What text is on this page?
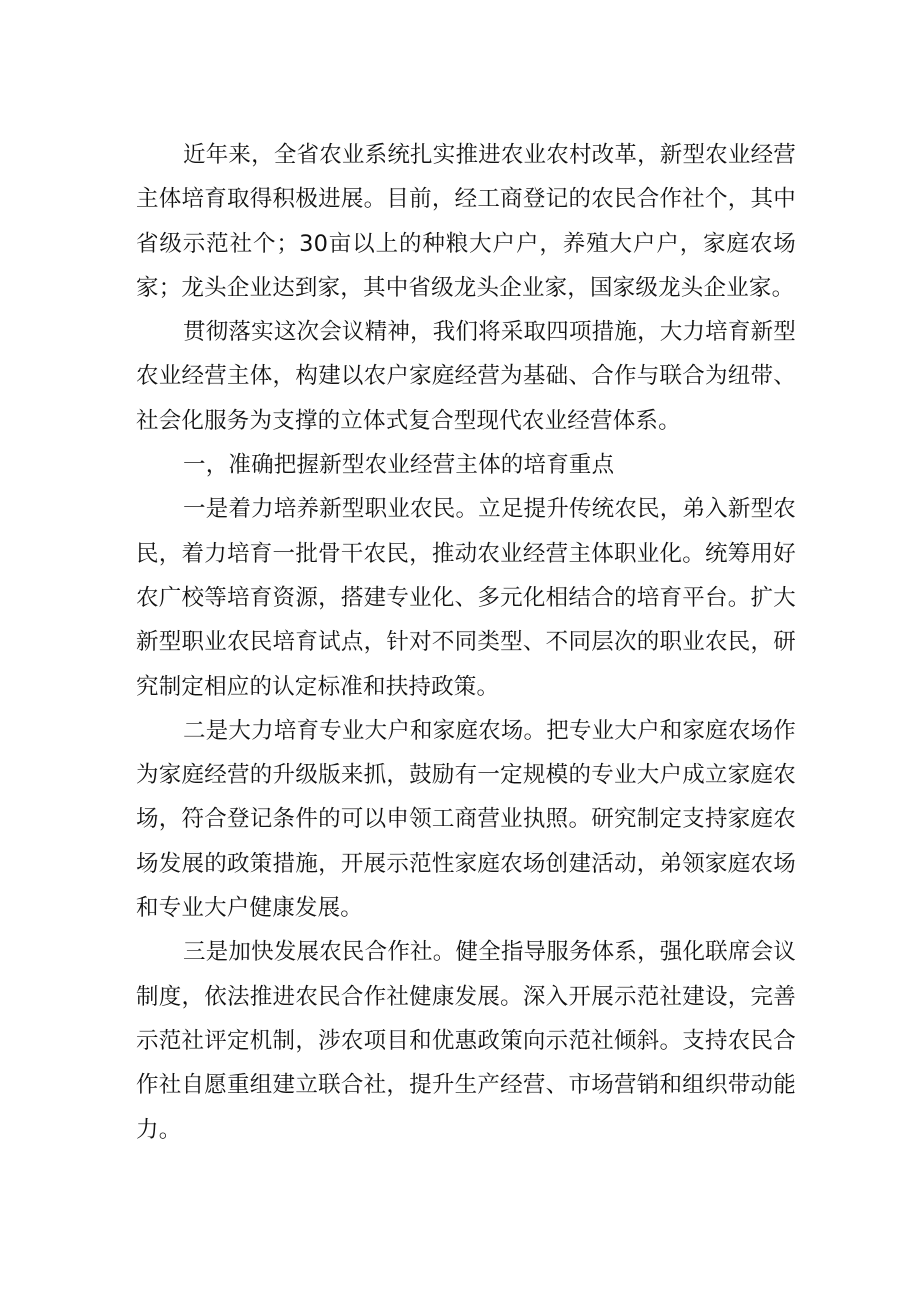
近年来，全省农业系统扎实推进农业农村改革，新型农业经营主体培育取得积极进展。目前，经工商登记的农民合作社个，其中省级示范社个；30亩以上的种粮大户户，养殖大户户，家庭农场家；龙头企业达到家，其中省级龙头企业家，国家级龙头企业家。

贯彻落实这次会议精神，我们将采取四项措施，大力培育新型农业经营主体，构建以农户家庭经营为基础、合作与联合为纽带、社会化服务为支撑的立体式复合型现代农业经营体系。

一，准确把握新型农业经营主体的培育重点

一是着力培养新型职业农民。立足提升传统农民，弟入新型农民，着力培育一批骨干农民，推动农业经营主体职业化。统筹用好农广校等培育资源，搭建专业化、多元化相结合的培育平台。扩大新型职业农民培育试点，针对不同类型、不同层次的职业农民，研究制定相应的认定标准和扶持政策。

二是大力培育专业大户和家庭农场。把专业大户和家庭农场作为家庭经营的升级版来抓，鼓励有一定规模的专业大户成立家庭农场，符合登记条件的可以申领工商营业执照。研究制定支持家庭农场发展的政策措施，开展示范性家庭农场创建活动，弟领家庭农场和专业大户健康发展。

三是加快发展农民合作社。健全指导服务体系，强化联席会议制度，依法推进农民合作社健康发展。深入开展示范社建设，完善示范社评定机制，涉农项目和优惠政策向示范社倾斜。支持农民合作社自愿重组建立联合社，提升生产经营、市场营销和组织带动能力。
